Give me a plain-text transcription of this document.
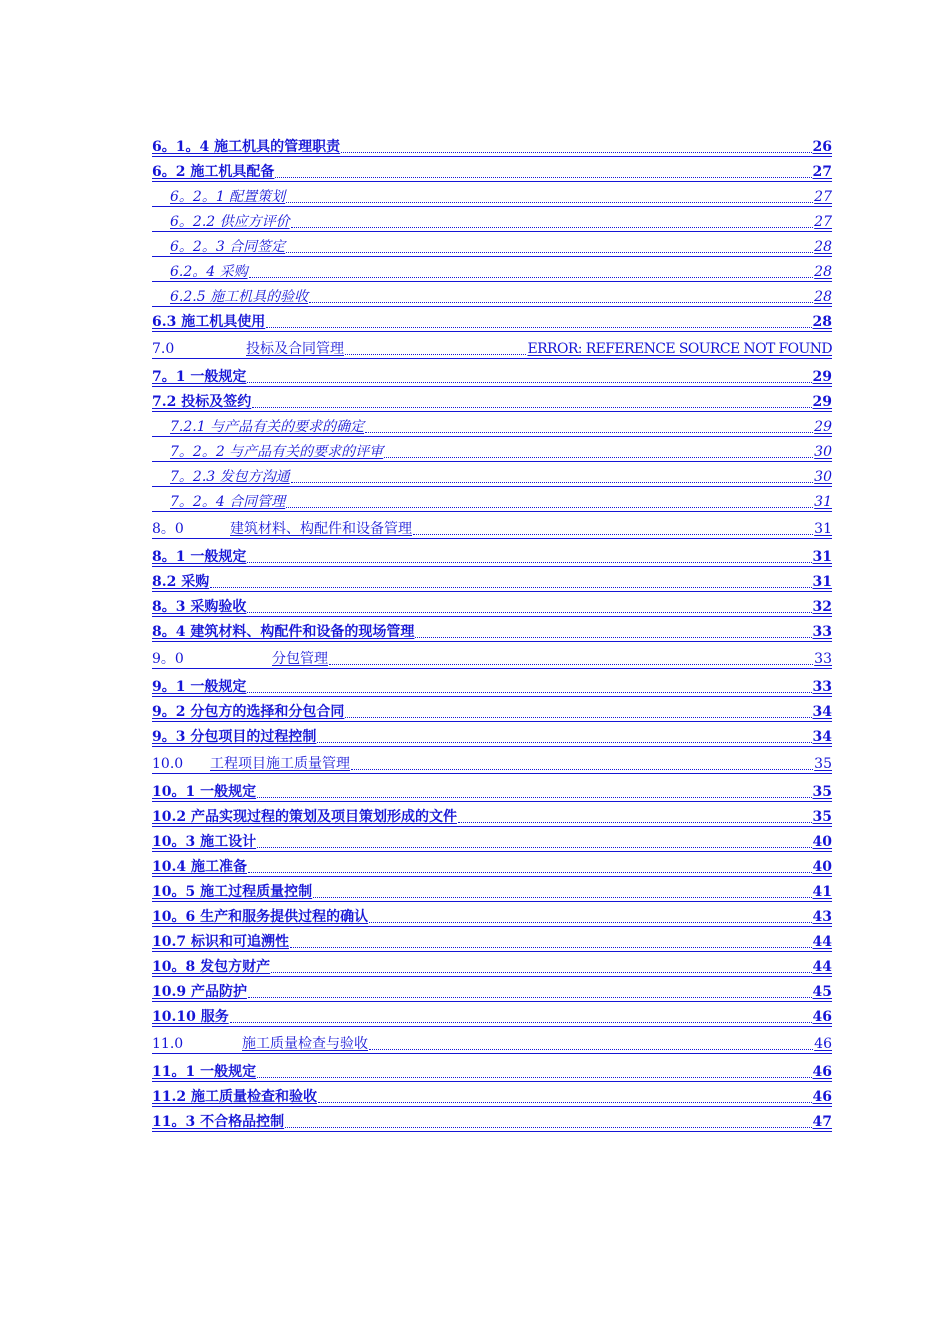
6。1。4 施工机具的管理职责	26
6。2 施工机具配备	27
6。2。1 配置策划	27
6。2.2 供应方评价	27
6。2。3 合同签定	28
6.2。4 采购	28
6.2.5 施工机具的验收	28
6.3 施工机具使用	28
7.0	投标及合同管理	ERROR: REFERENCE SOURCE NOT FOUND
7。1 一般规定	29
7.2 投标及签约	29
7.2.1 与产品有关的要求的确定	29
7。2。2 与产品有关的要求的评审	30
7。2.3 发包方沟通	30
7。2。4 合同管理	31
8。0	建筑材料、构配件和设备管理	31
8。1 一般规定	31
8.2 采购	31
8。3 采购验收	32
8。4 建筑材料、构配件和设备的现场管理	33
9。0	分包管理	33
9。1 一般规定	33
9。2 分包方的选择和分包合同	34
9。3 分包项目的过程控制	34
10.0 工程项目施工质量管理	35
10。1 一般规定	35
10.2 产品实现过程的策划及项目策划形成的文件	35
10。3 施工设计	40
10.4 施工准备	40
10。5 施工过程质量控制	41
10。6 生产和服务提供过程的确认	43
10.7 标识和可追溯性	44
10。8 发包方财产	44
10.9 产品防护	45
10.10 服务	46
11.0	施工质量检查与验收	46
11。1 一般规定	46
11.2 施工质量检查和验收	46
11。3 不合格品控制	47
